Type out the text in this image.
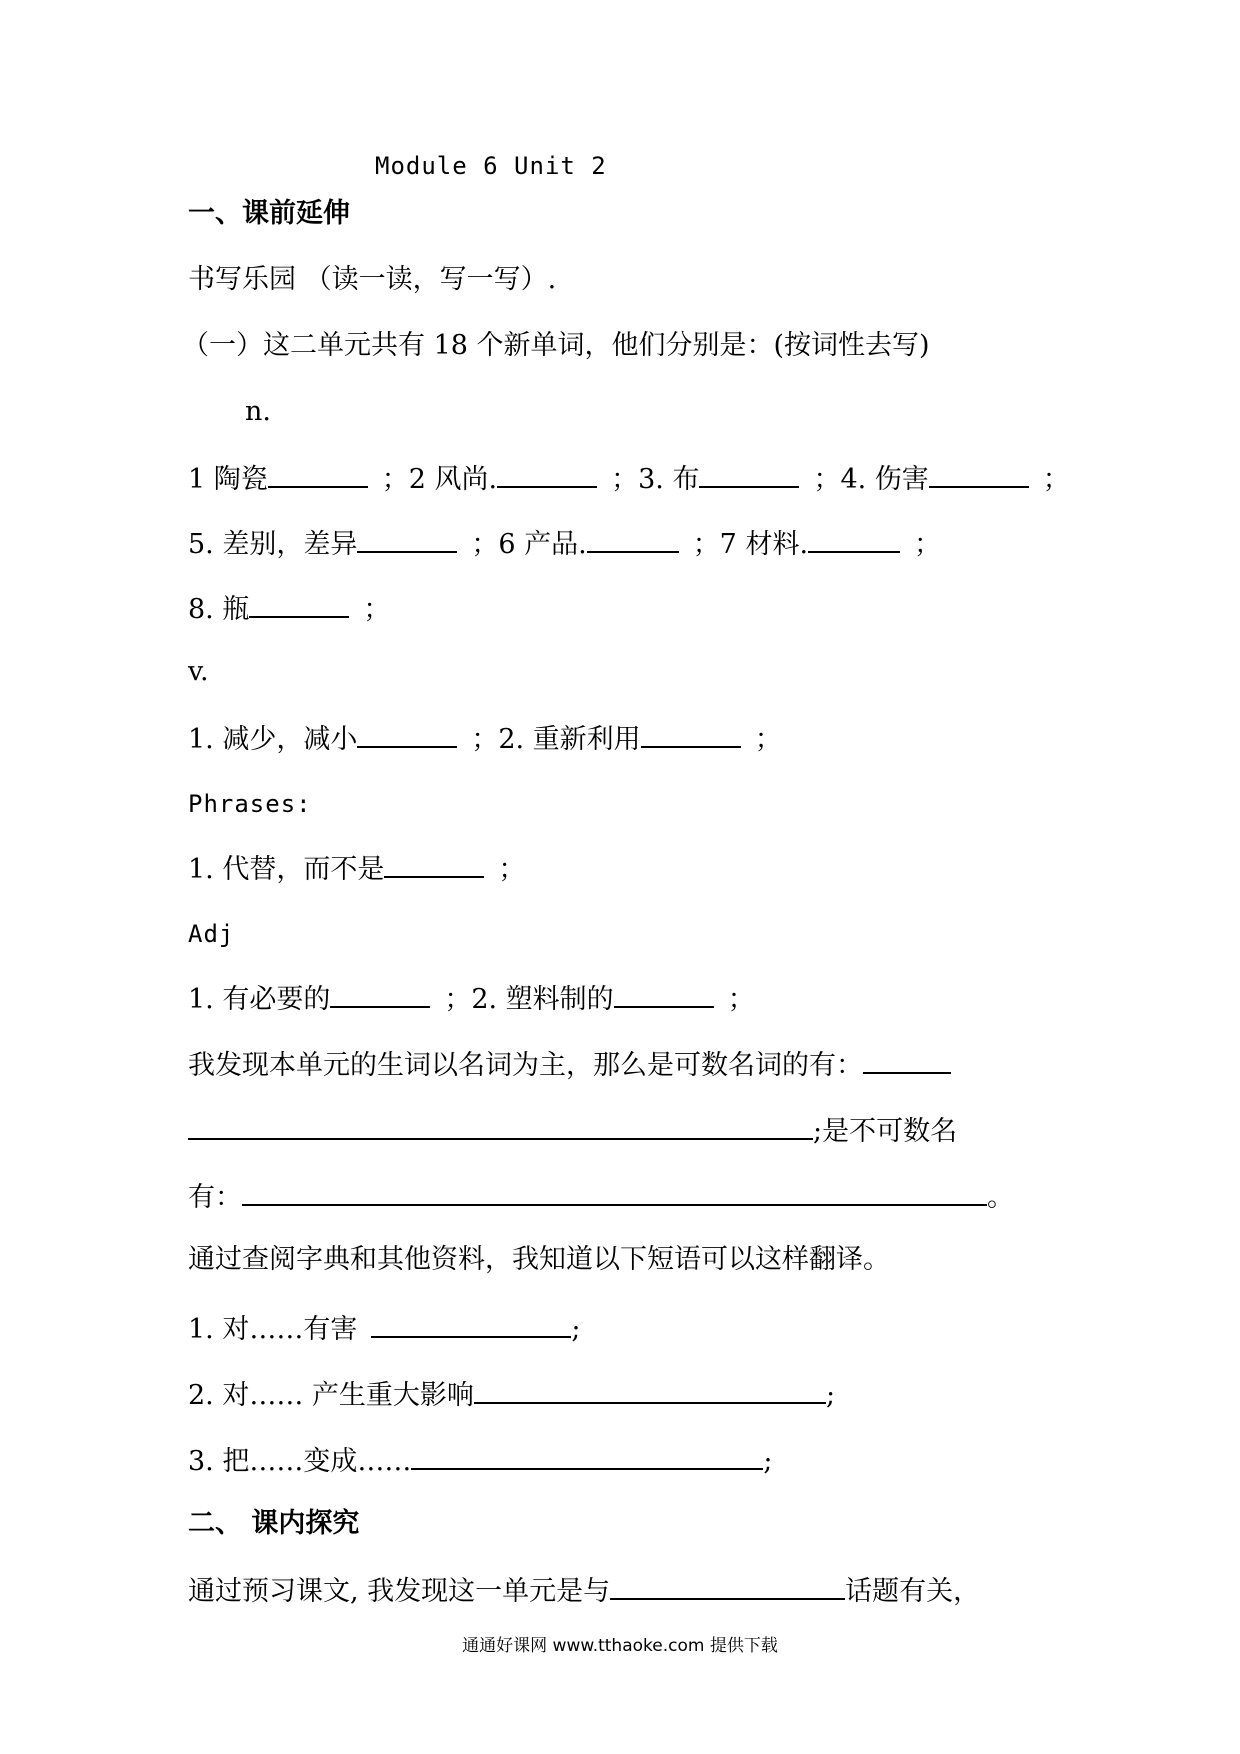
Module 6 Unit 2
一、课前延伸
书写乐园 （读一读，写一写）.
（一）这二单元共有 18 个新单词，他们分别是：(按词性去写)
n.
1 陶瓷	；2 风尚.	；3. 布	；4. 伤害	；
5. 差别，差异	；6 产品.	；7 材料.	；
8. 瓶	；
v.
1. 减少，减小	；2. 重新利用	；
Phrases:
1. 代替，而不是	；
Adj
1. 有必要的	；2. 塑料制的	；
我发现本单元的生词以名词为主，那么是可数名词的有：
;是不可数名
有：	。
通过查阅字典和其他资料，我知道以下短语可以这样翻译。
1. 对……有害	;
2. 对…… 产生重大影响	;
3. 把……变成……	;
二、 课内探究
通过预习课文, 我发现这一单元是与	话题有关，
通通好课网 www.tthaoke.com 提供下载
